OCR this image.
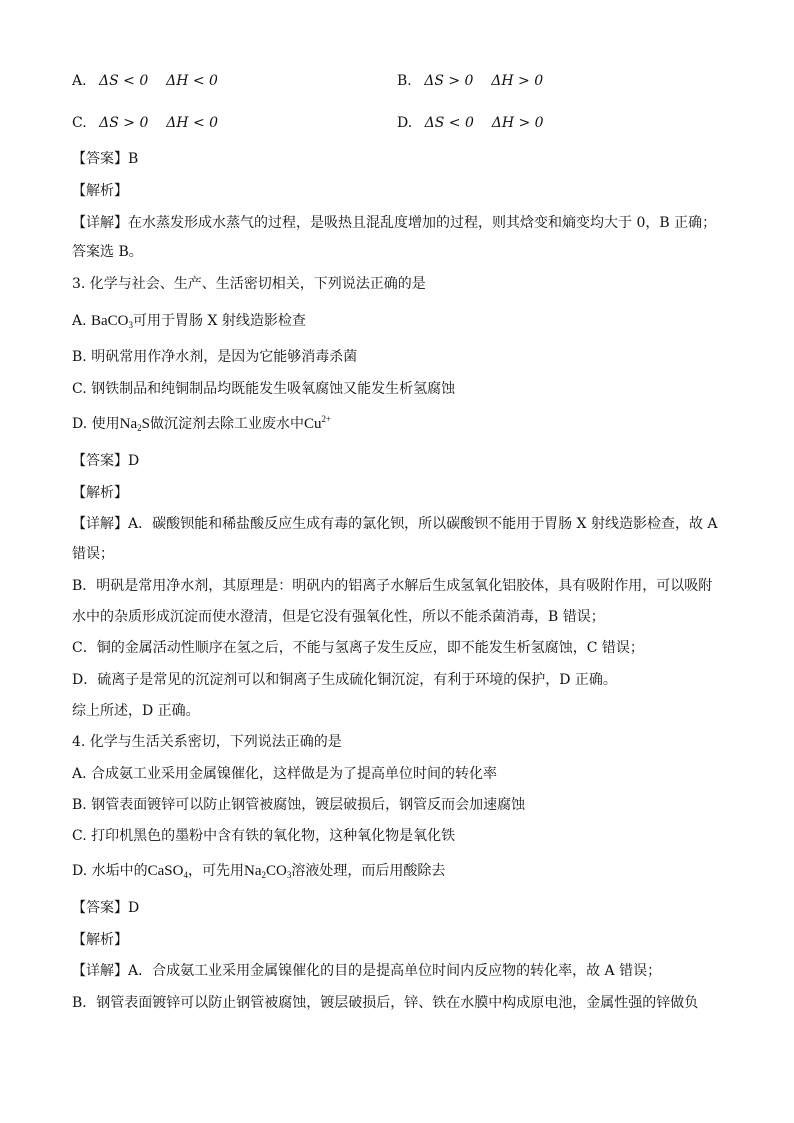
A. ΔS < 0 ΔH < 0	B. ΔS > 0 ΔH > 0
C. ΔS > 0 ΔH < 0	D. ΔS < 0 ΔH > 0
【答案】B
【解析】
【详解】在水蒸发形成水蒸气的过程，是吸热且混乱度增加的过程，则其焓变和熵变均大于 0，B 正确；
答案选 B。
3. 化学与社会、生产、生活密切相关，下列说法正确的是
A. BaCO$_3$可用于胃肠 X 射线造影检查
B. 明矾常用作净水剂，是因为它能够消毒杀菌
C. 钢铁制品和纯铜制品均既能发生吸氧腐蚀又能发生析氢腐蚀
D. 使用$Na_2S$做沉淀剂去除工业废水中$Cu^{2+}$
【答案】D
【解析】
【详解】A．碳酸钡能和稀盐酸反应生成有毒的氯化钡，所以碳酸钡不能用于胃肠 X 射线造影检查，故 A
错误；
B．明矾是常用净水剂，其原理是：明矾内的铝离子水解后生成氢氧化铝胶体，具有吸附作用，可以吸附
水中的杂质形成沉淀而使水澄清，但是它没有强氧化性，所以不能杀菌消毒，B 错误；
C．铜的金属活动性顺序在氢之后，不能与氢离子发生反应，即不能发生析氢腐蚀，C 错误；
D．硫离子是常见的沉淀剂可以和铜离子生成硫化铜沉淀，有利于环境的保护，D 正确。
综上所述，D 正确。
4. 化学与生活关系密切，下列说法正确的是
A. 合成氨工业采用金属镍催化，这样做是为了提高单位时间的转化率
B. 钢管表面镀锌可以防止钢管被腐蚀，镀层破损后，钢管反而会加速腐蚀
C. 打印机黑色的墨粉中含有铁的氧化物，这种氧化物是氧化铁
D. 水垢中的CaSO$_4$，可先用$Na_2CO_3$溶液处理，而后用酸除去
【答案】D
【解析】
【详解】A．合成氨工业采用金属镍催化的目的是提高单位时间内反应物的转化率，故 A 错误；
B．钢管表面镀锌可以防止钢管被腐蚀，镀层破损后，锌、铁在水膜中构成原电池，金属性强的锌做负
